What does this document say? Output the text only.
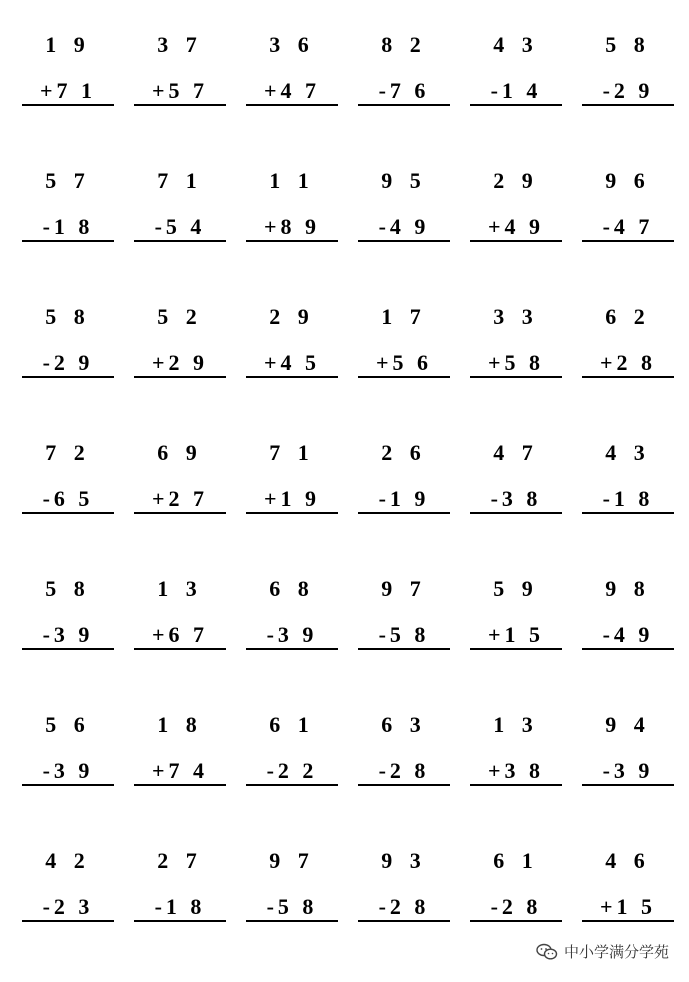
1 9
+7 1
3 7
+5 7
3 6
+4 7
8 2
-7 6
4 3
-1 4
5 8
-2 9
5 7
-1 8
7 1
-5 4
1 1
+8 9
9 5
-4 9
2 9
+4 9
9 6
-4 7
5 8
-2 9
5 2
+2 9
2 9
+4 5
1 7
+5 6
3 3
+5 8
6 2
+2 8
7 2
-6 5
6 9
+2 7
7 1
+1 9
2 6
-1 9
4 7
-3 8
4 3
-1 8
5 8
-3 9
1 3
+6 7
6 8
-3 9
9 7
-5 8
5 9
+1 5
9 8
-4 9
5 6
-3 9
1 8
+7 4
6 1
-2 2
6 3
-2 8
1 3
+3 8
9 4
-3 9
4 2
-2 3
2 7
-1 8
9 7
-5 8
9 3
-2 8
6 1
-2 8
4 6
+1 5
中小学满分学苑
